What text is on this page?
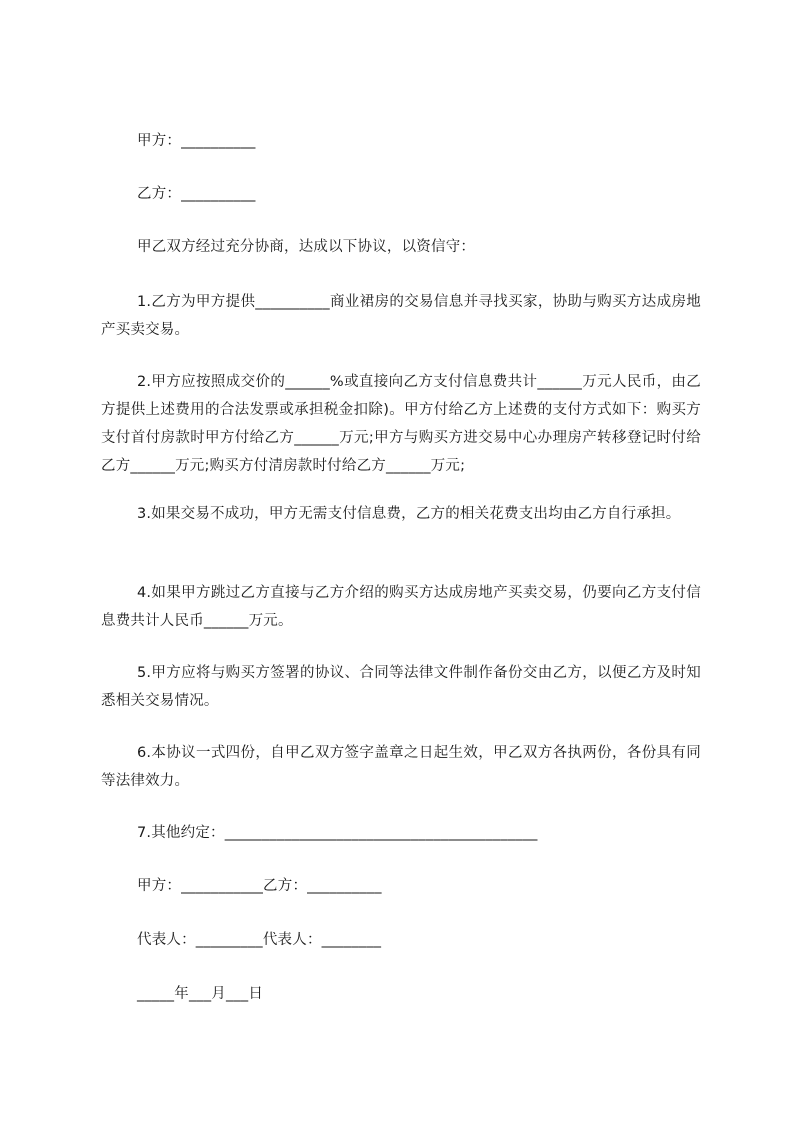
甲方：__________
乙方：__________
甲乙双方经过充分协商，达成以下协议，以资信守：
1.乙方为甲方提供__________商业裙房的交易信息并寻找买家，协助与购买方达成房地产买卖交易。
2.甲方应按照成交价的______%或直接向乙方支付信息费共计______万元人民币，由乙方提供上述费用的合法发票或承担税金扣除)。甲方付给乙方上述费的支付方式如下：购买方支付首付房款时甲方付给乙方______万元;甲方与购买方进交易中心办理房产转移登记时付给乙方______万元;购买方付清房款时付给乙方______万元;
3.如果交易不成功，甲方无需支付信息费，乙方的相关花费支出均由乙方自行承担。
4.如果甲方跳过乙方直接与乙方介绍的购买方达成房地产买卖交易，仍要向乙方支付信息费共计人民币______万元。
5.甲方应将与购买方签署的协议、合同等法律文件制作备份交由乙方，以便乙方及时知悉相关交易情况。
6.本协议一式四份，自甲乙双方签字盖章之日起生效，甲乙双方各执两份，各份具有同等法律效力。
7.其他约定：__________________________________________
甲方：___________乙方：__________
代表人：_________代表人：________
_____年___月___日
